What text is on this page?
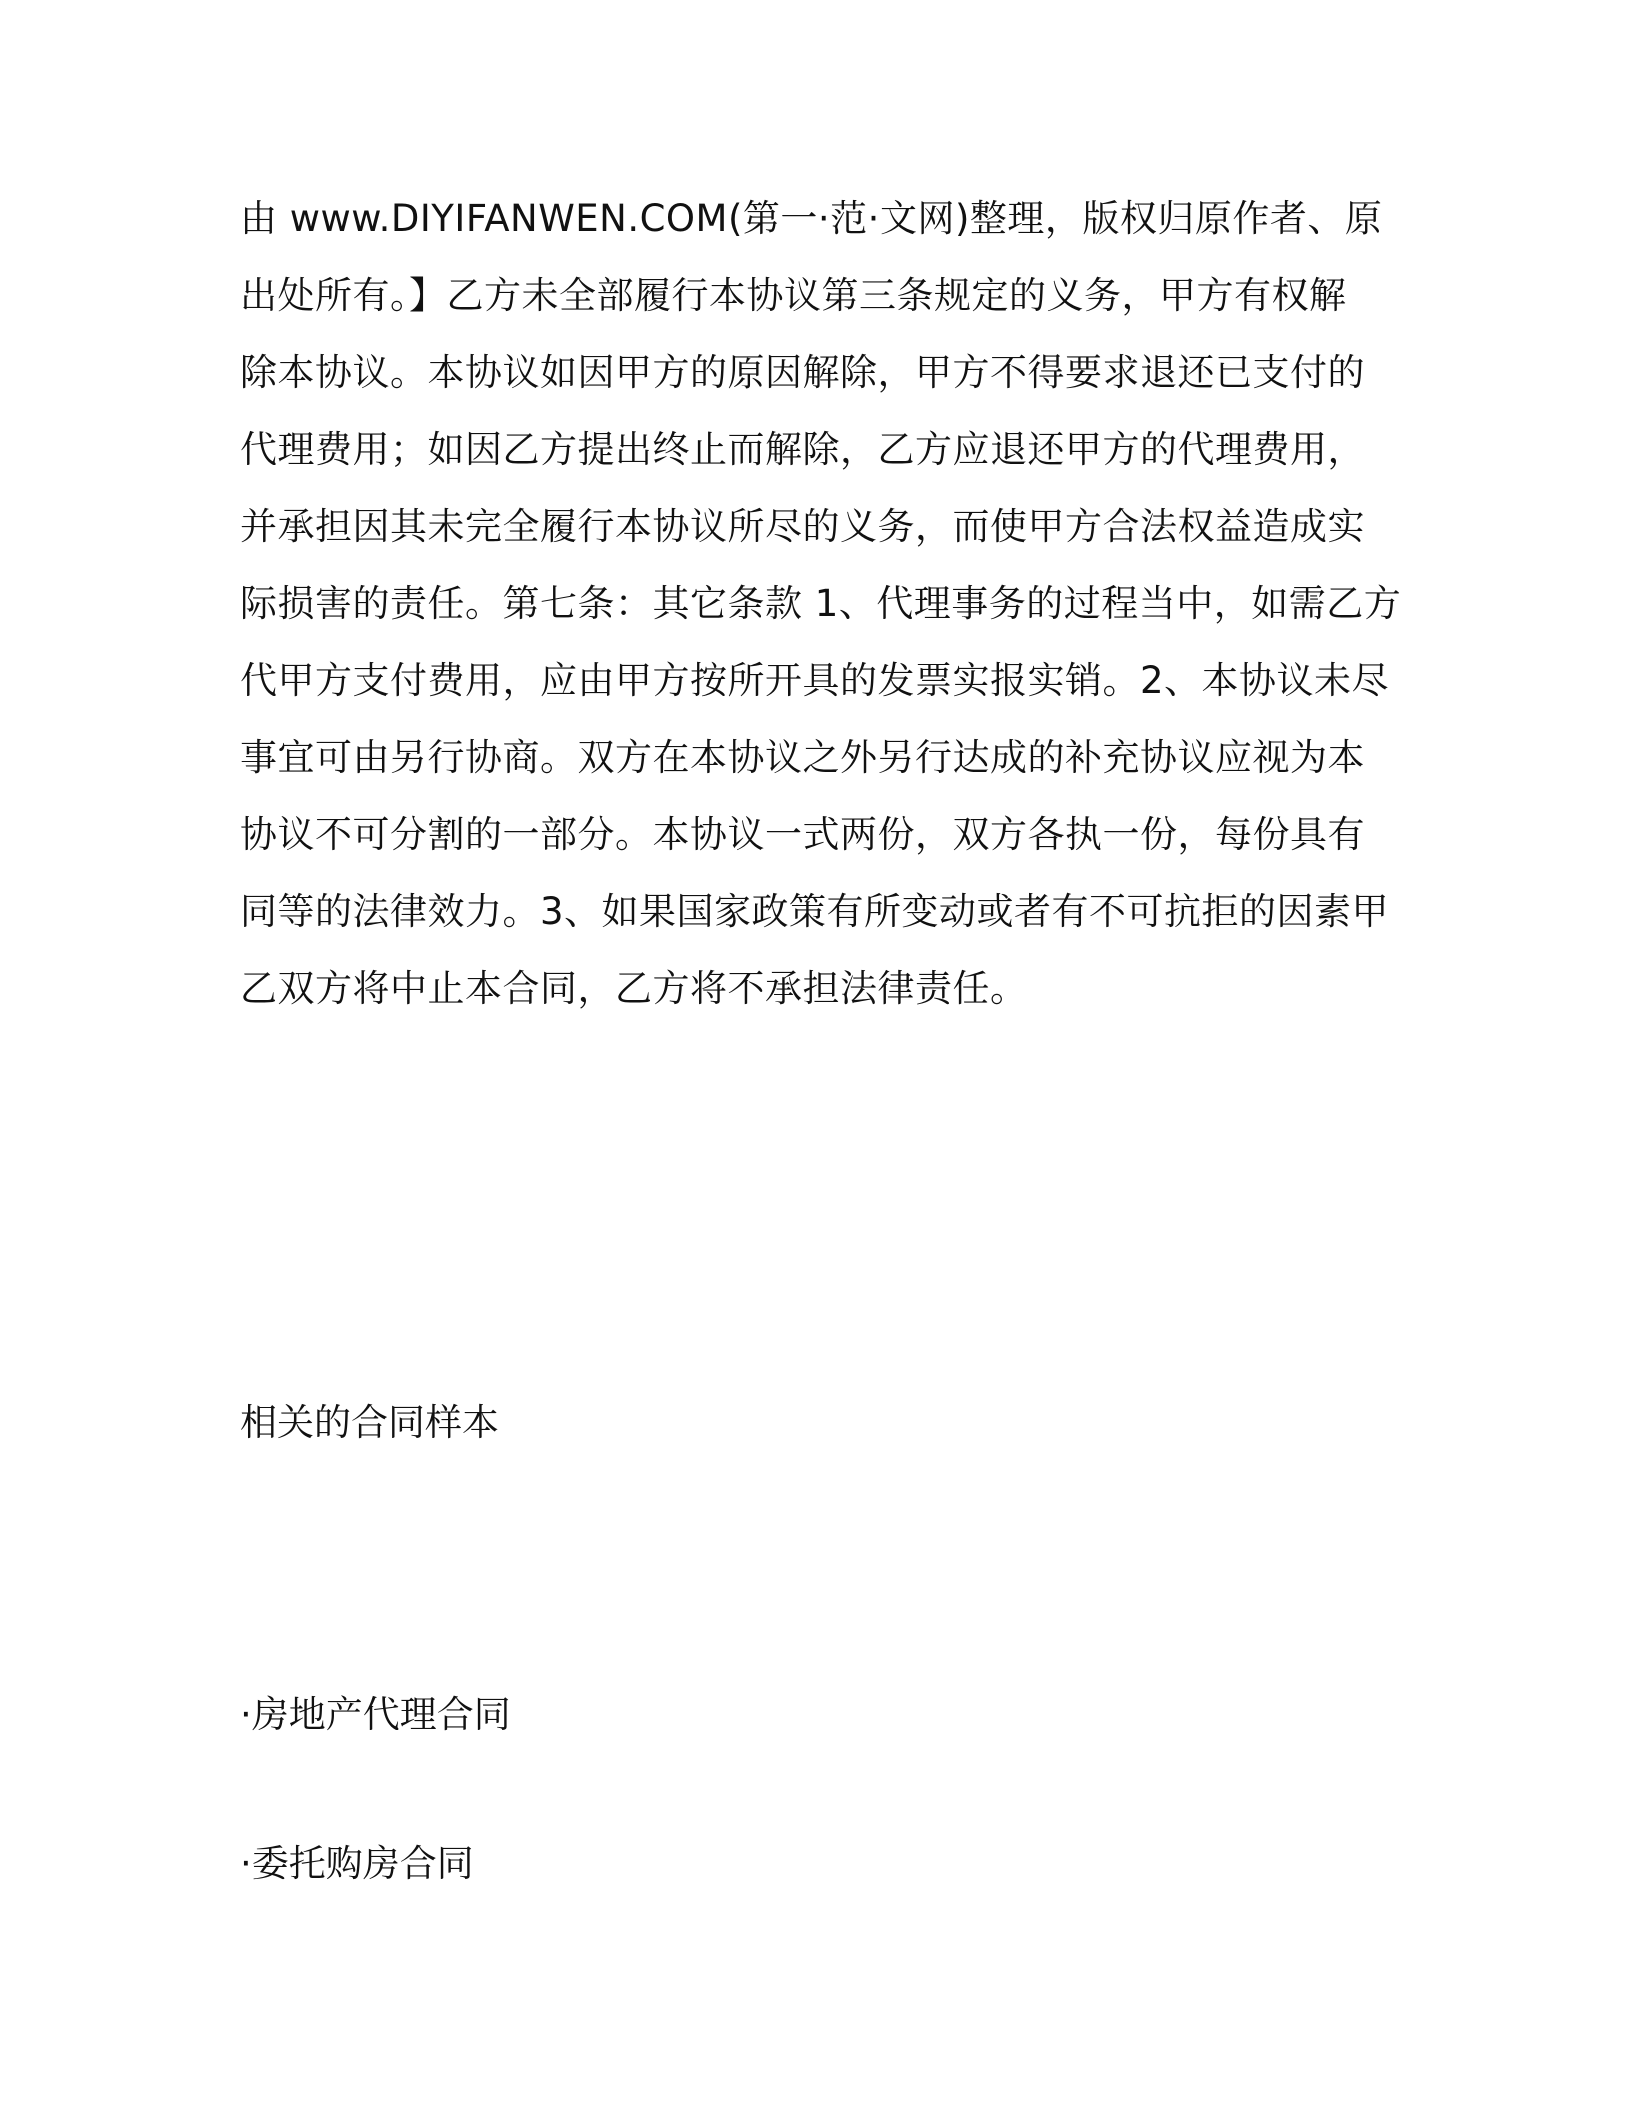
由 www.DIYIFANWEN.COM(第一·范·文网)整理，版权归原作者、原
出处所有。】乙方未全部履行本协议第三条规定的义务，甲方有权解
除本协议。本协议如因甲方的原因解除，甲方不得要求退还已支付的
代理费用；如因乙方提出终止而解除，乙方应退还甲方的代理费用，
并承担因其未完全履行本协议所尽的义务，而使甲方合法权益造成实
际损害的责任。第七条：其它条款 1、代理事务的过程当中，如需乙方
代甲方支付费用，应由甲方按所开具的发票实报实销。2、本协议未尽
事宜可由另行协商。双方在本协议之外另行达成的补充协议应视为本
协议不可分割的一部分。本协议一式两份，双方各执一份，每份具有
同等的法律效力。3、如果国家政策有所变动或者有不可抗拒的因素甲
乙双方将中止本合同，乙方将不承担法律责任。
相关的合同样本
·房地产代理合同
·委托购房合同
